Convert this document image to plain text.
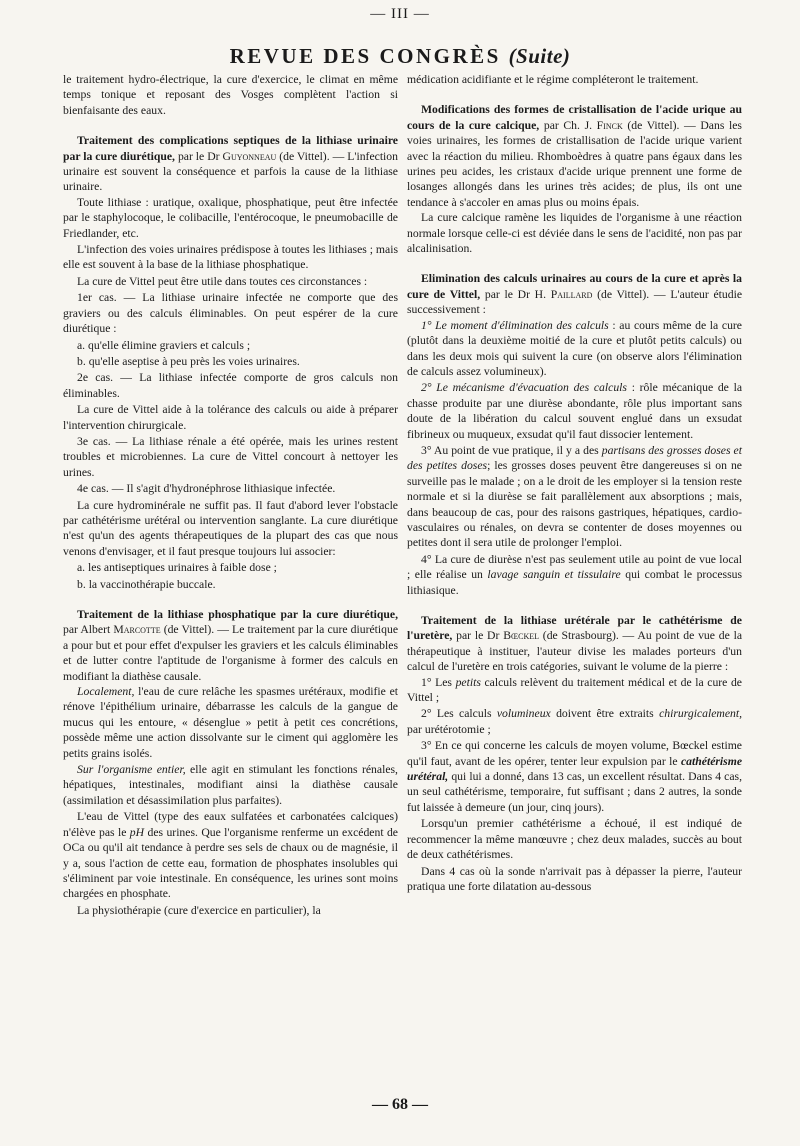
— III —
REVUE DES CONGRÈS (Suite)

le traitement hydro-électrique, la cure d'exercice, le climat en même temps tonique et reposant des Vosges complètent l'action si bienfaisante des eaux.

Traitement des complications septiques de la lithiase urinaire par la cure diurétique, par le Dr Guyonneau (de Vittel). — L'infection urinaire est souvent la conséquence et parfois la cause de la lithiase urinaire.

Toute lithiase : uratique, oxalique, phosphatique, peut être infectée par le staphylocoque, le colibacille, l'entérocoque, le pneumobacille de Friedlander, etc.

L'infection des voies urinaires prédispose à toutes les lithiases ; mais elle est souvent à la base de la lithiase phosphatique.

La cure de Vittel peut être utile dans toutes ces circonstances :

1er cas. — La lithiase urinaire infectée ne comporte que des graviers ou des calculs éliminables. On peut espérer de la cure diurétique :

a. qu'elle élimine graviers et calculs ;

b. qu'elle aseptise à peu près les voies urinaires.

2e cas. — La lithiase infectée comporte de gros calculs non éliminables.

La cure de Vittel aide à la tolérance des calculs ou aide à préparer l'intervention chirurgicale.

3e cas. — La lithiase rénale a été opérée, mais les urines restent troubles et microbiennes. La cure de Vittel concourt à nettoyer les urines.

4e cas. — Il s'agit d'hydronéphrose lithiasique infectée.

La cure hydrominérale ne suffit pas. Il faut d'abord lever l'obstacle par cathétérisme urétéral ou intervention sanglante. La cure diurétique n'est qu'un des agents thérapeutiques de la plupart des cas que nous venons d'envisager, et il faut presque toujours lui associer:

a. les antiseptiques urinaires à faible dose ;

b. la vaccinothérapie buccale.

Traitement de la lithiase phosphatique par la cure diurétique, par Albert Marcotte (de Vittel). — Le traitement par la cure diurétique a pour but et pour effet d'expulser les graviers et les calculs éliminables et de lutter contre l'aptitude de l'organisme à former des calculs en modifiant la diathèse causale.

Localement, l'eau de cure relâche les spasmes urétéraux, modifie et rénove l'épithélium urinaire, débarrasse les calculs de la gangue de mucus qui les entoure, « désenglue » petit à petit ces concrétions, possède même une action dissolvante sur le ciment qui agglomère les petits grains isolés.

Sur l'organisme entier, elle agit en stimulant les fonctions rénales, hépatiques, intestinales, modifiant ainsi la diathèse causale (assimilation et désassimilation plus parfaites).

L'eau de Vittel (type des eaux sulfatées et carbonatées calciques) n'élève pas le pH des urines. Que l'organisme renferme un excédent de OCa ou qu'il ait tendance à perdre ses sels de chaux ou de magnésie, il y a, sous l'action de cette eau, formation de phosphates insolubles qui s'éliminent par voie intestinale. En conséquence, les urines sont moins chargées en phosphate.

La physiothérapie (cure d'exercice en particulier), la

médication acidifiante et le régime compléteront le traitement.

Modifications des formes de cristallisation de l'acide urique au cours de la cure calcique, par Ch. J. Finck (de Vittel). — Dans les voies urinaires, les formes de cristallisation de l'acide urique varient avec la réaction du milieu. Rhomboèdres à quatre pans égaux dans les urines peu acides, les cristaux d'acide urique prennent une forme de losanges allongés dans les urines très acides; de plus, ils ont une tendance à s'accoler en amas plus ou moins épais.

La cure calcique ramène les liquides de l'organisme à une réaction normale lorsque celle-ci est déviée dans le sens de l'acidité, non pas par alcalinisation.

Elimination des calculs urinaires au cours de la cure et après la cure de Vittel, par le Dr H. Paillard (de Vittel). — L'auteur étudie successivement :

1° Le moment d'élimination des calculs : au cours même de la cure (plutôt dans la deuxième moitié de la cure et plutôt petits calculs) ou dans les deux mois qui suivent la cure (on observe alors l'élimination de calculs assez volumineux).

2° Le mécanisme d'évacuation des calculs : rôle mécanique de la chasse produite par une diurèse abondante, rôle plus important sans doute de la libération du calcul souvent englué dans un exsudat fibrineux ou muqueux, exsudat qu'il faut dissocier lentement.

3° Au point de vue pratique, il y a des partisans des grosses doses et des petites doses; les grosses doses peuvent être dangereuses si on ne surveille pas le malade ; on a le droit de les employer si la tension reste normale et si la diurèse se fait parallèlement aux absorptions ; mais, dans beaucoup de cas, pour des raisons gastriques, hépatiques, cardio-vasculaires ou rénales, on devra se contenter de doses moyennes ou petites dont il sera utile de prolonger l'emploi.

4° La cure de diurèse n'est pas seulement utile au point de vue local ; elle réalise un lavage sanguin et tissulaire qui combat le processus lithiasique.

Traitement de la lithiase urétérale par le cathétérisme de l'uretère, par le Dr Bœckel (de Strasbourg). — Au point de vue de la thérapeutique à instituer, l'auteur divise les malades porteurs d'un calcul de l'uretère en trois catégories, suivant le volume de la pierre :

1° Les petits calculs relèvent du traitement médical et de la cure de Vittel ;

2° Les calculs volumineux doivent être extraits chirurgicalement, par urétérotomie ;

3° En ce qui concerne les calculs de moyen volume, Bœckel estime qu'il faut, avant de les opérer, tenter leur expulsion par le cathétérisme urétéral, qui lui a donné, dans 13 cas, un excellent résultat. Dans 4 cas, un seul cathétérisme, temporaire, fut suffisant ; dans 2 autres, la sonde fut laissée à demeure (un jour, cinq jours).

Lorsqu'un premier cathétérisme a échoué, il est indiqué de recommencer la même manœuvre ; chez deux malades, succès au bout de deux cathétérismes.

Dans 4 cas où la sonde n'arrivait pas à dépasser la pierre, l'auteur pratiqua une forte dilatation au-dessous

— 68 —
